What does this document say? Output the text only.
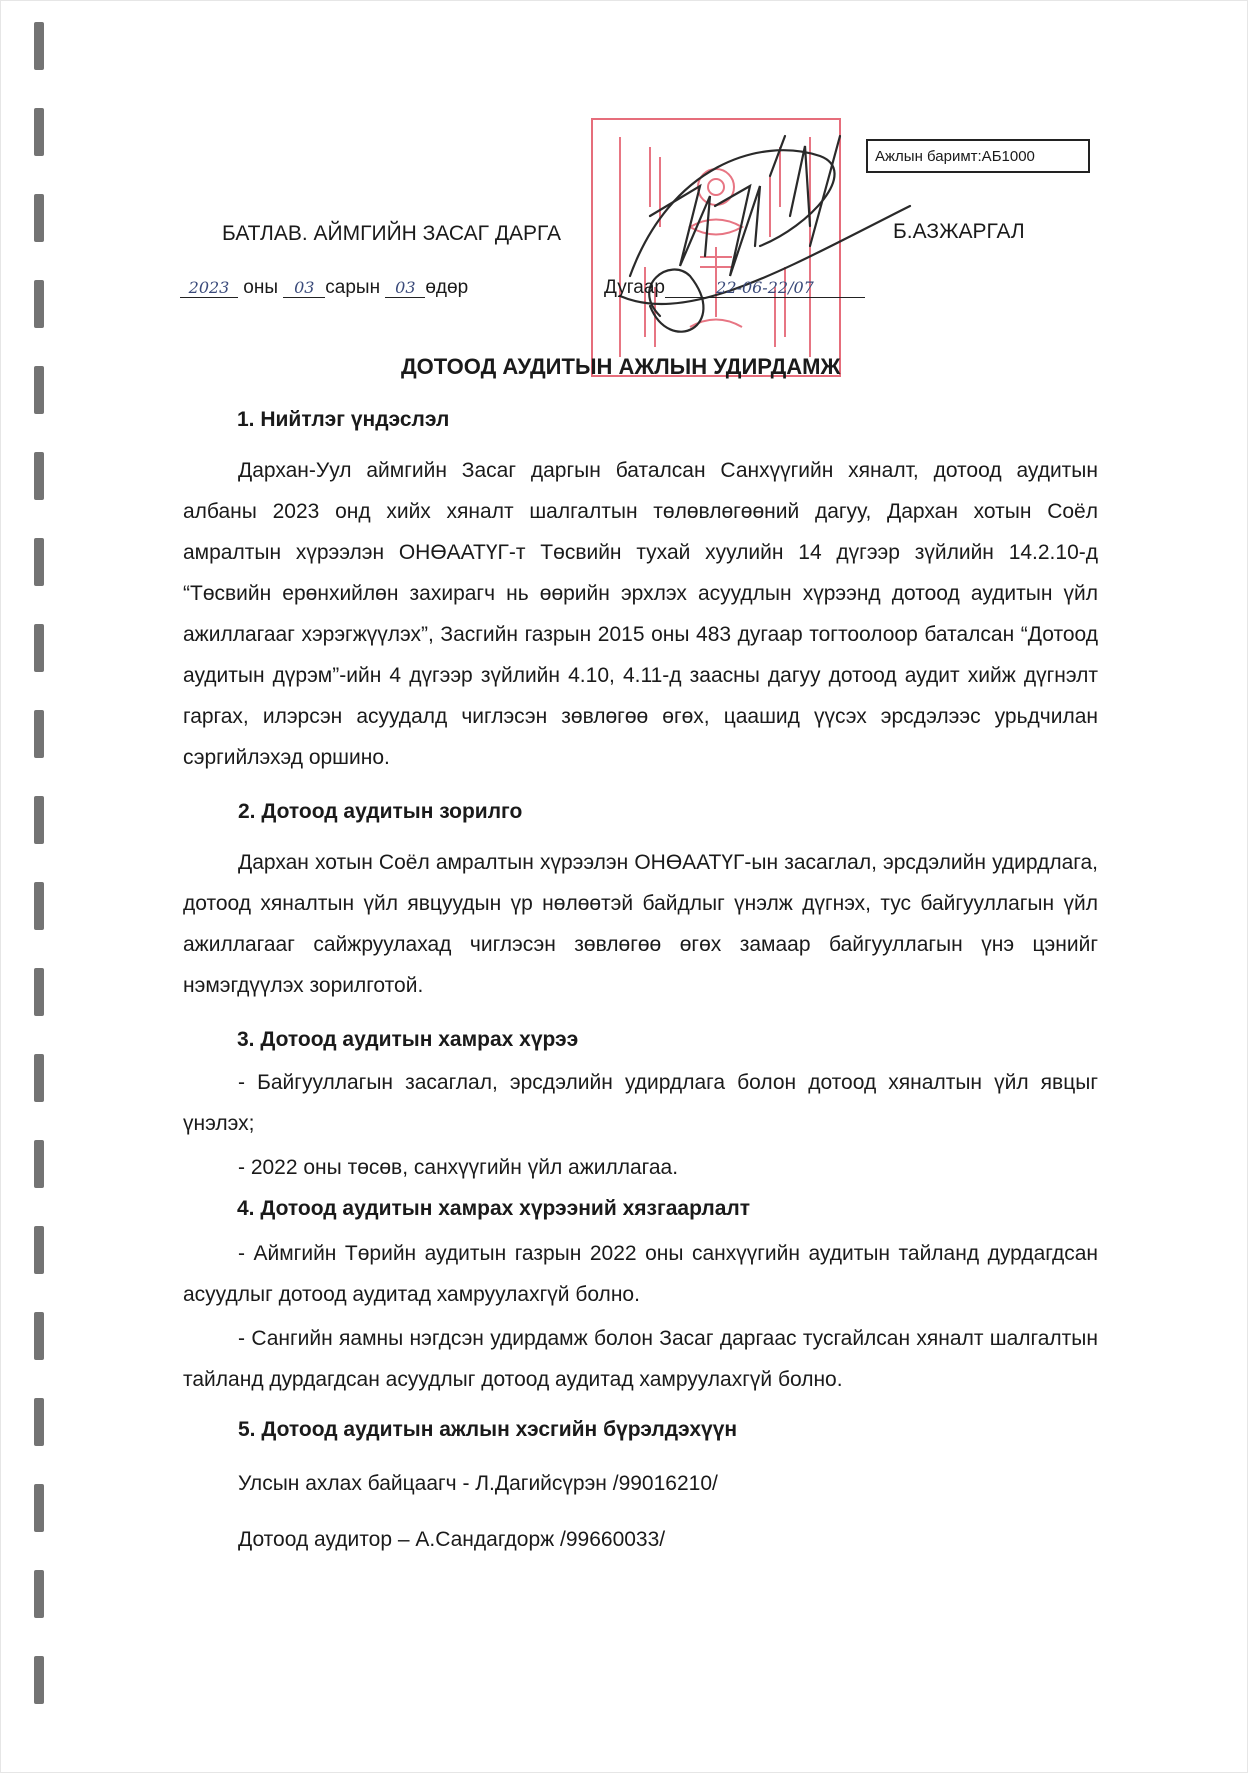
Ажлын баримт:АБ1000
БАТЛАВ. АЙМГИЙН ЗАСАГ ДАРГА	Б.АЗЖАРГАЛ
2023 оны 03 сарын 03 өдөр	Дугаар	22-06-22/07
ДОТООД АУДИТЫН АЖЛЫН УДИРДАМЖ
1. Нийтлэг үндэслэл
Дархан-Уул аймгийн Засаг даргын баталсан Санхүүгийн хяналт, дотоод аудитын албаны 2023 онд хийх хяналт шалгалтын төлөвлөгөөний дагуу, Дархан хотын Соёл амралтын хүрээлэн ОНӨААТҮГ-т Төсвийн тухай хуулийн 14 дүгээр зүйлийн 14.2.10-д “Төсвийн ерөнхийлөн захирагч нь өөрийн эрхлэх асуудлын хүрээнд дотоод аудитын үйл ажиллагааг хэрэгжүүлэх”, Засгийн газрын 2015 оны 483 дугаар тогтоолоор баталсан “Дотоод аудитын дүрэм”-ийн 4 дүгээр зүйлийн 4.10, 4.11-д заасны дагуу дотоод аудит хийж дүгнэлт гаргах, илэрсэн асуудалд чиглэсэн зөвлөгөө өгөх, цаашид үүсэх эрсдэлээс урьдчилан сэргийлэхэд оршино.
2. Дотоод аудитын зорилго
Дархан хотын Соёл амралтын хүрээлэн ОНӨААТҮГ-ын засаглал, эрсдэлийн удирдлага, дотоод хяналтын үйл явцуудын үр нөлөөтэй байдлыг үнэлж дүгнэх, тус байгууллагын үйл ажиллагааг сайжруулахад чиглэсэн зөвлөгөө өгөх замаар байгууллагын үнэ цэнийг нэмэгдүүлэх зорилготой.
3. Дотоод аудитын хамрах хүрээ
- Байгууллагын засаглал, эрсдэлийн удирдлага болон дотоод хяналтын үйл явцыг үнэлэх;
- 2022 оны төсөв, санхүүгийн үйл ажиллагаа.
4. Дотоод аудитын хамрах хүрээний хязгаарлалт
- Аймгийн Төрийн аудитын газрын 2022 оны санхүүгийн аудитын тайланд дурдагдсан асуудлыг дотоод аудитад хамруулахгүй болно.
- Сангийн яамны нэгдсэн удирдамж болон Засаг даргаас тусгайлсан хяналт шалгалтын тайланд дурдагдсан асуудлыг дотоод аудитад хамруулахгүй болно.
5. Дотоод аудитын ажлын хэсгийн бүрэлдэхүүн
Улсын ахлах байцаагч - Л.Дагийсүрэн /99016210/
Дотоод аудитор – А.Сандагдорж /99660033/
